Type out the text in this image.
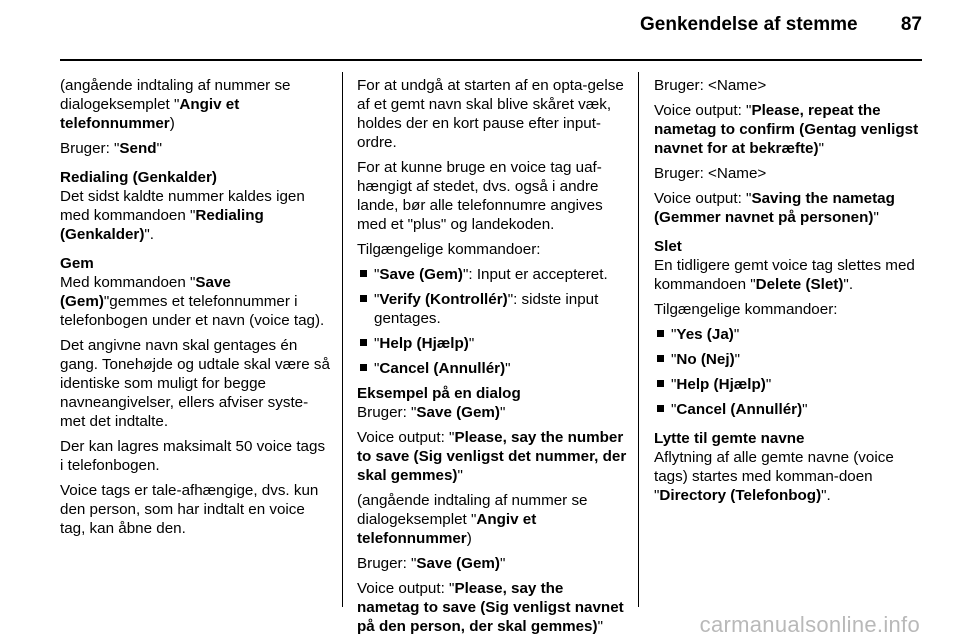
Genkendelse af stemme 87

(angående indtaling af nummer se dialogeksemplet "Angiv et telefonnummer)

Bruger: "Send"

Redialing (Genkalder)
Det sidst kaldte nummer kaldes igen med kommandoen "Redialing (Genkalder)".

Gem
Med kommandoen "Save (Gem)"gemmes et telefonnummer i telefonbogen under et navn (voice tag).

Det angivne navn skal gentages én gang. Tonehøjde og udtale skal være så identiske som muligt for begge navneangivelser, ellers afviser syste-met det indtalte.

Der kan lagres maksimalt 50 voice tags i telefonbogen.

Voice tags er tale-afhængige, dvs. kun den person, som har indtalt en voice tag, kan åbne den.

For at undgå at starten af en opta-gelse af et gemt navn skal blive skåret væk, holdes der en kort pause efter input-ordre.

For at kunne bruge en voice tag uaf-hængigt af stedet, dvs. også i andre lande, bør alle telefonnumre angives med et "plus" og landekoden.

Tilgængelige kommandoer:

"Save (Gem)": Input er accepteret.
"Verify (Kontrollér)": sidste input gentages.
"Help (Hjælp)"
"Cancel (Annullér)"

Eksempel på en dialog
Bruger: "Save (Gem)"

Voice output: "Please, say the number to save (Sig venligst det nummer, der skal gemmes)"

(angående indtaling af nummer se dialogeksemplet "Angiv et telefonnummer)

Bruger: "Save (Gem)"

Voice output: "Please, say the nametag to save (Sig venligst navnet på den person, der skal gemmes)"

Bruger: <Name>

Voice output: "Please, repeat the nametag to confirm (Gentag venligst navnet for at bekræfte)"

Bruger: <Name>

Voice output: "Saving the nametag (Gemmer navnet på personen)"

Slet
En tidligere gemt voice tag slettes med kommandoen "Delete (Slet)".

Tilgængelige kommandoer:

"Yes (Ja)"
"No (Nej)"
"Help (Hjælp)"
"Cancel (Annullér)"

Lytte til gemte navne
Aflytning af alle gemte navne (voice tags) startes med komman-doen "Directory (Telefonbog)".

carmanualsonline.info
